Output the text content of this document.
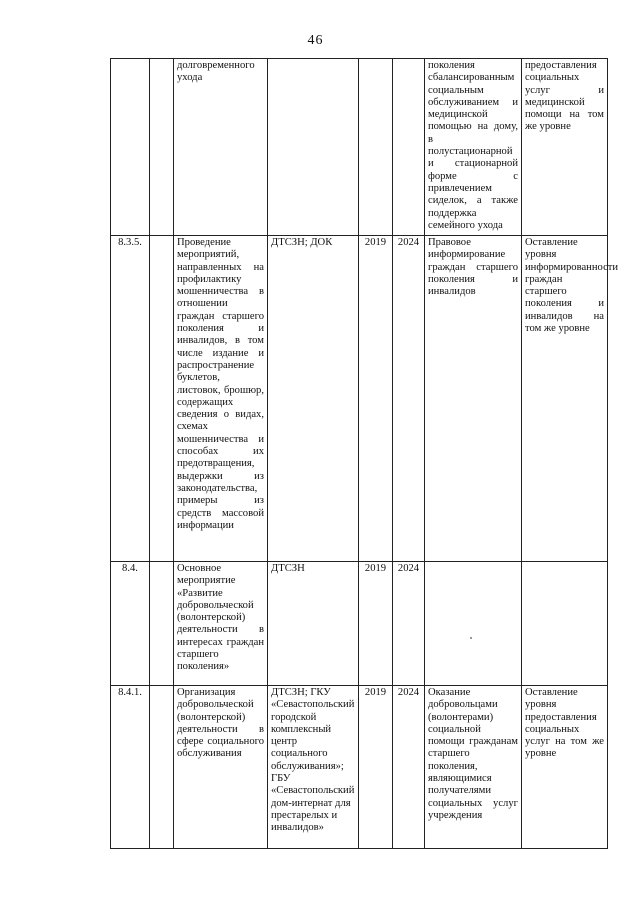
46
		долговременного ухода				поколения сбалансированным социальным обслуживанием и медицинской помощью на дому, в полустационарной и стационарной форме с привлечением сиделок, а также поддержка семейного ухода	предоставления социальных услуг и медицинской помощи на том же уровне
8.3.5.		Проведение мероприятий, направленных на профилактику мошенничества в отношении граждан старшего поколения и инвалидов, в том числе издание и распространение буклетов, листовок, брошюр, содержащих сведения о видах, схемах мошенничества и способах их предотвращения, выдержки из законодательства, примеры из средств массовой информации	ДТСЗН; ДОК	2019	2024	Правовое информирование граждан старшего поколения и инвалидов	Оставление уровня информированности граждан старшего поколения и инвалидов на том же уровне
8.4.		Основное мероприятие «Развитие добровольческой (волонтерской) деятельности в интересах граждан старшего поколения»	ДТСЗН	2019	2024		
8.4.1.		Организация добровольческой (волонтерской) деятельности в сфере социального обслуживания	ДТСЗН; ГКУ «Севастопольский городской комплексный центр социального обслуживания»; ГБУ «Севастопольский дом-интернат для престарелых и инвалидов»	2019	2024	Оказание добровольцами (волонтерами) социальной помощи гражданам старшего поколения, являющимися получателями социальных услуг учреждения	Оставление уровня предоставления социальных услуг на том же уровне
